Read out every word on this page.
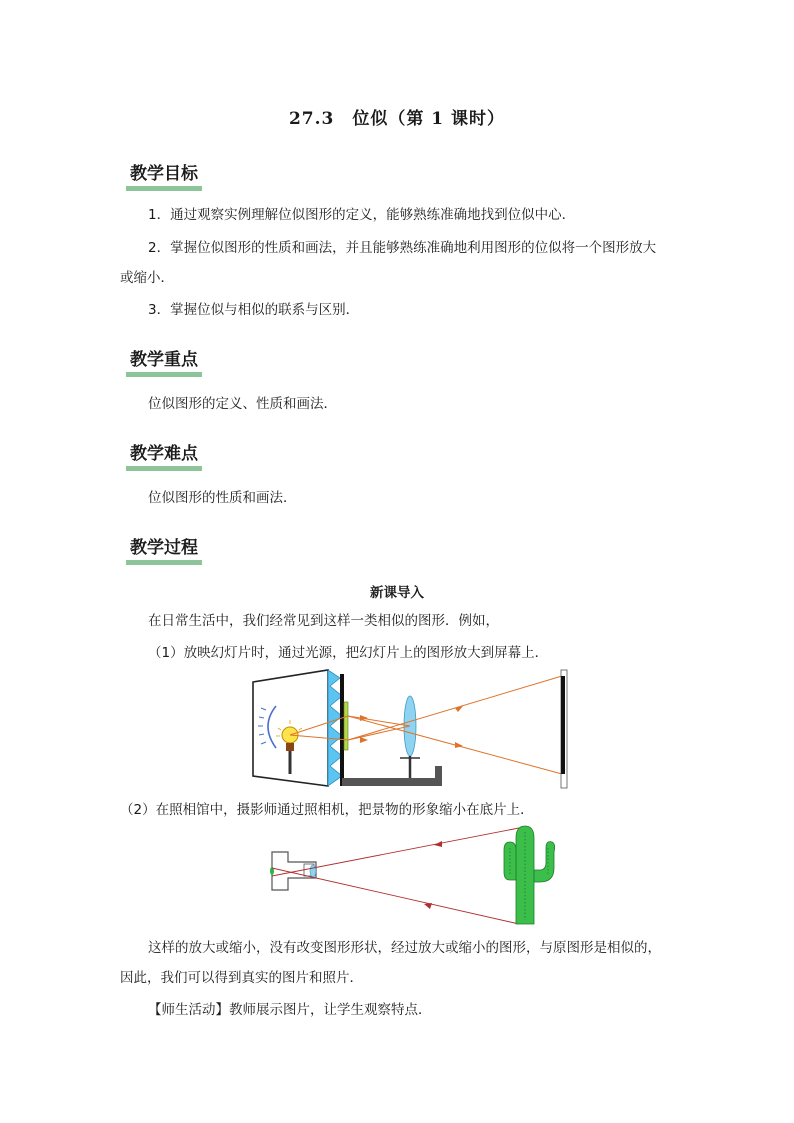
27.3　位似（第 1 课时）
教学目标
1．通过观察实例理解位似图形的定义，能够熟练准确地找到位似中心．
2．掌握位似图形的性质和画法，并且能够熟练准确地利用图形的位似将一个图形放大
或缩小．
3．掌握位似与相似的联系与区别．
教学重点
位似图形的定义、性质和画法．
教学难点
位似图形的性质和画法．
教学过程
新课导入
在日常生活中，我们经常见到这样一类相似的图形．例如，
（1）放映幻灯片时，通过光源，把幻灯片上的图形放大到屏幕上．
（2）在照相馆中，摄影师通过照相机，把景物的形象缩小在底片上．
这样的放大或缩小，没有改变图形形状，经过放大或缩小的图形，与原图形是相似的，
因此，我们可以得到真实的图片和照片．
【师生活动】教师展示图片，让学生观察特点．
